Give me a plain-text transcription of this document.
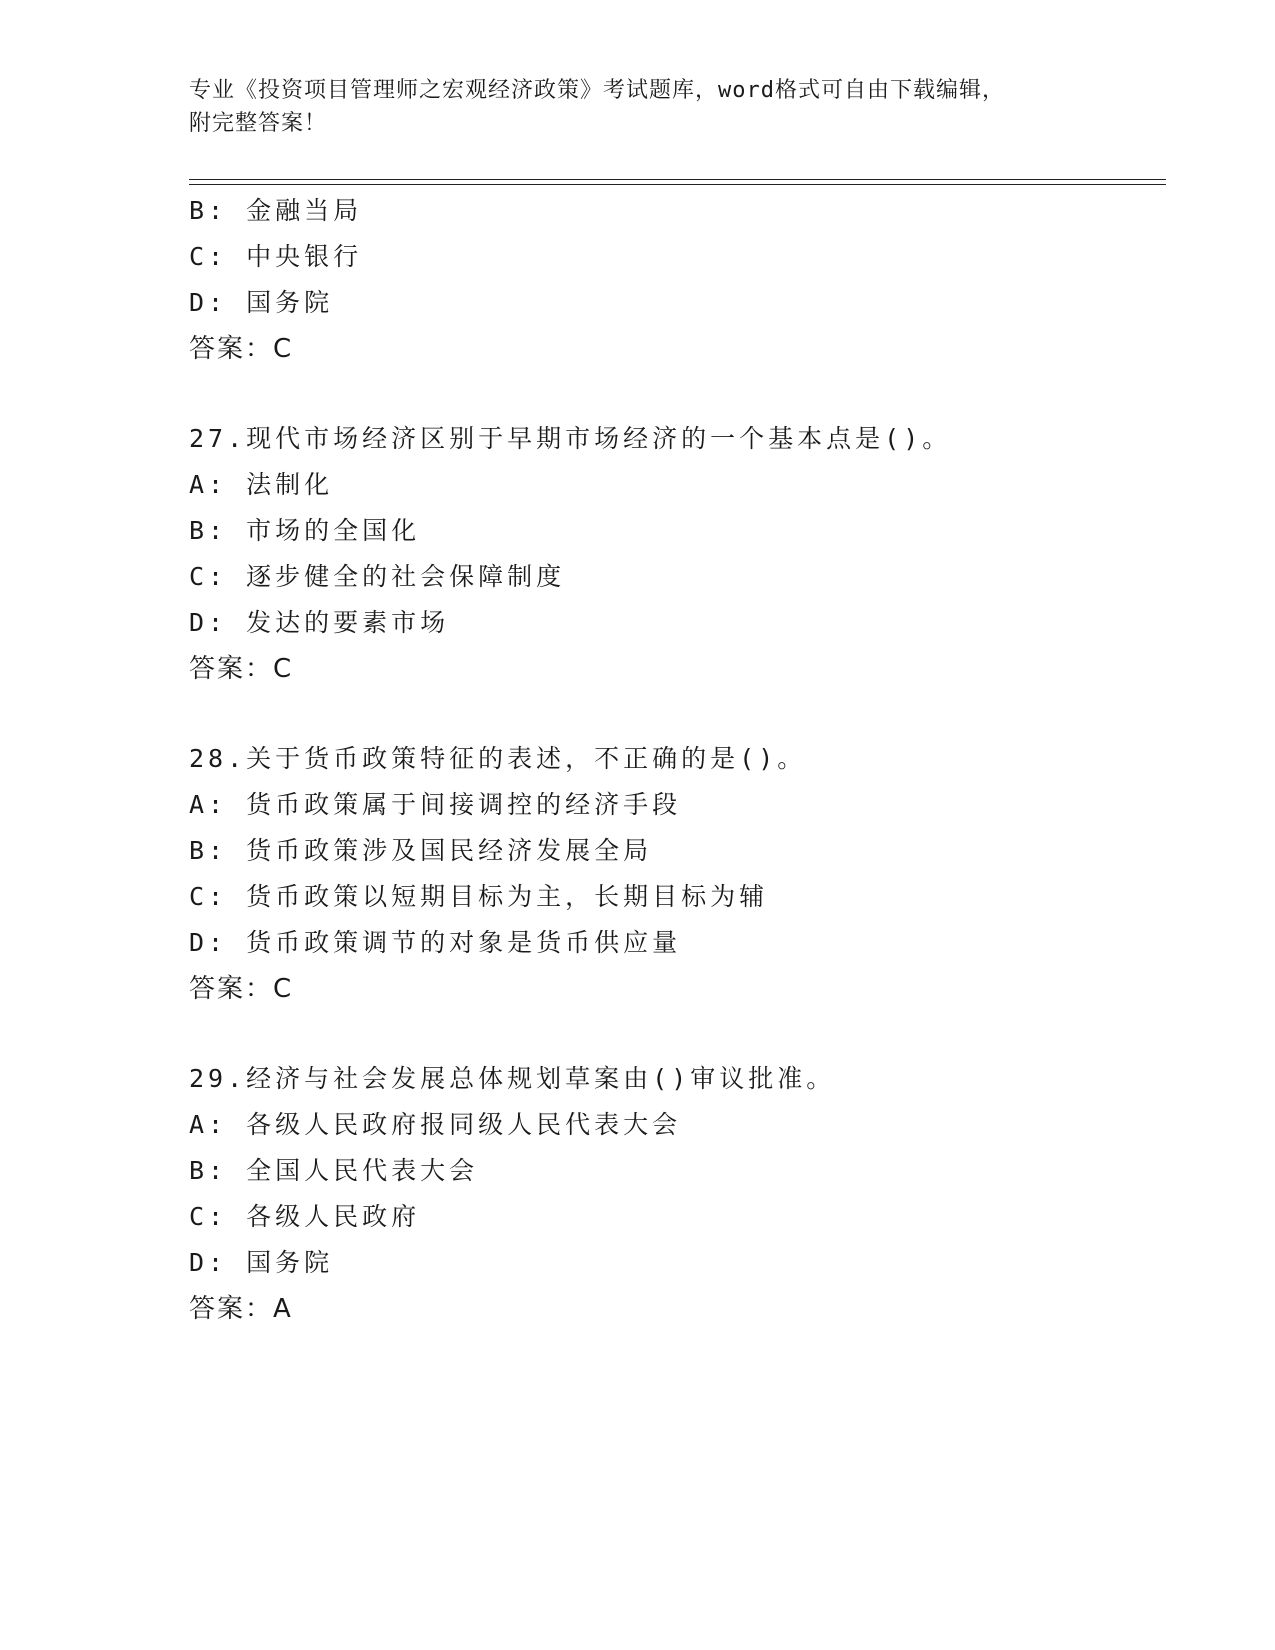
专业《投资项目管理师之宏观经济政策》考试题库，word格式可自由下载编辑，
附完整答案！
B: 金融当局
C: 中央银行
D: 国务院
答案：C
27.现代市场经济区别于早期市场经济的一个基本点是()。
A: 法制化
B: 市场的全国化
C: 逐步健全的社会保障制度
D: 发达的要素市场
答案：C
28.关于货币政策特征的表述，不正确的是()。
A: 货币政策属于间接调控的经济手段
B: 货币政策涉及国民经济发展全局
C: 货币政策以短期目标为主，长期目标为辅
D: 货币政策调节的对象是货币供应量
答案：C
29.经济与社会发展总体规划草案由()审议批准。
A: 各级人民政府报同级人民代表大会
B: 全国人民代表大会
C: 各级人民政府
D: 国务院
答案：A
